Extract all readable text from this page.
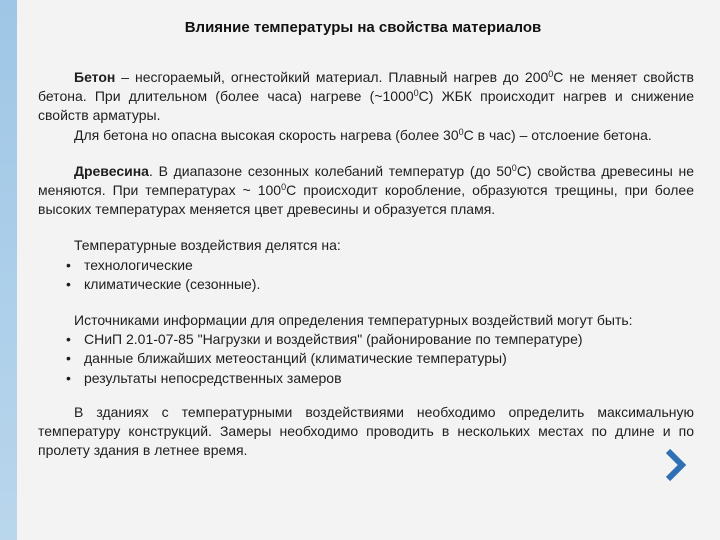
Влияние температуры на свойства материалов

Бетон – несгораемый, огнестойкий материал. Плавный нагрев до $200^0С$ не меняет свойств бетона. При длительном (более часа) нагреве (~1000$^0$С) ЖБК происходит нагрев и снижение свойств арматуры.

Для бетона но опасна высокая скорость нагрева (более $30^0С$ в час) – отслоение бетона.

Древесина. В диапазоне сезонных колебаний температур (до $50^0С$) свойства древесины не меняются. При температурах ~ $100^0С$ происходит коробление, образуются трещины, при более высоких температурах меняется цвет древесины и образуется пламя.

Температурные воздействия делятся на:

• технологические
• климатические (сезонные).

Источниками информации для определения температурных воздействий могут быть:

• СНиП 2.01-07-85 "Нагрузки и воздействия" (районирование по температуре)
• данные ближайших метеостанций (климатические температуры)
• результаты непосредственных замеров

В зданиях с температурными воздействиями необходимо определить максимальную температуру конструкций. Замеры необходимо проводить в нескольких местах по длине и по пролету здания в летнее время.
